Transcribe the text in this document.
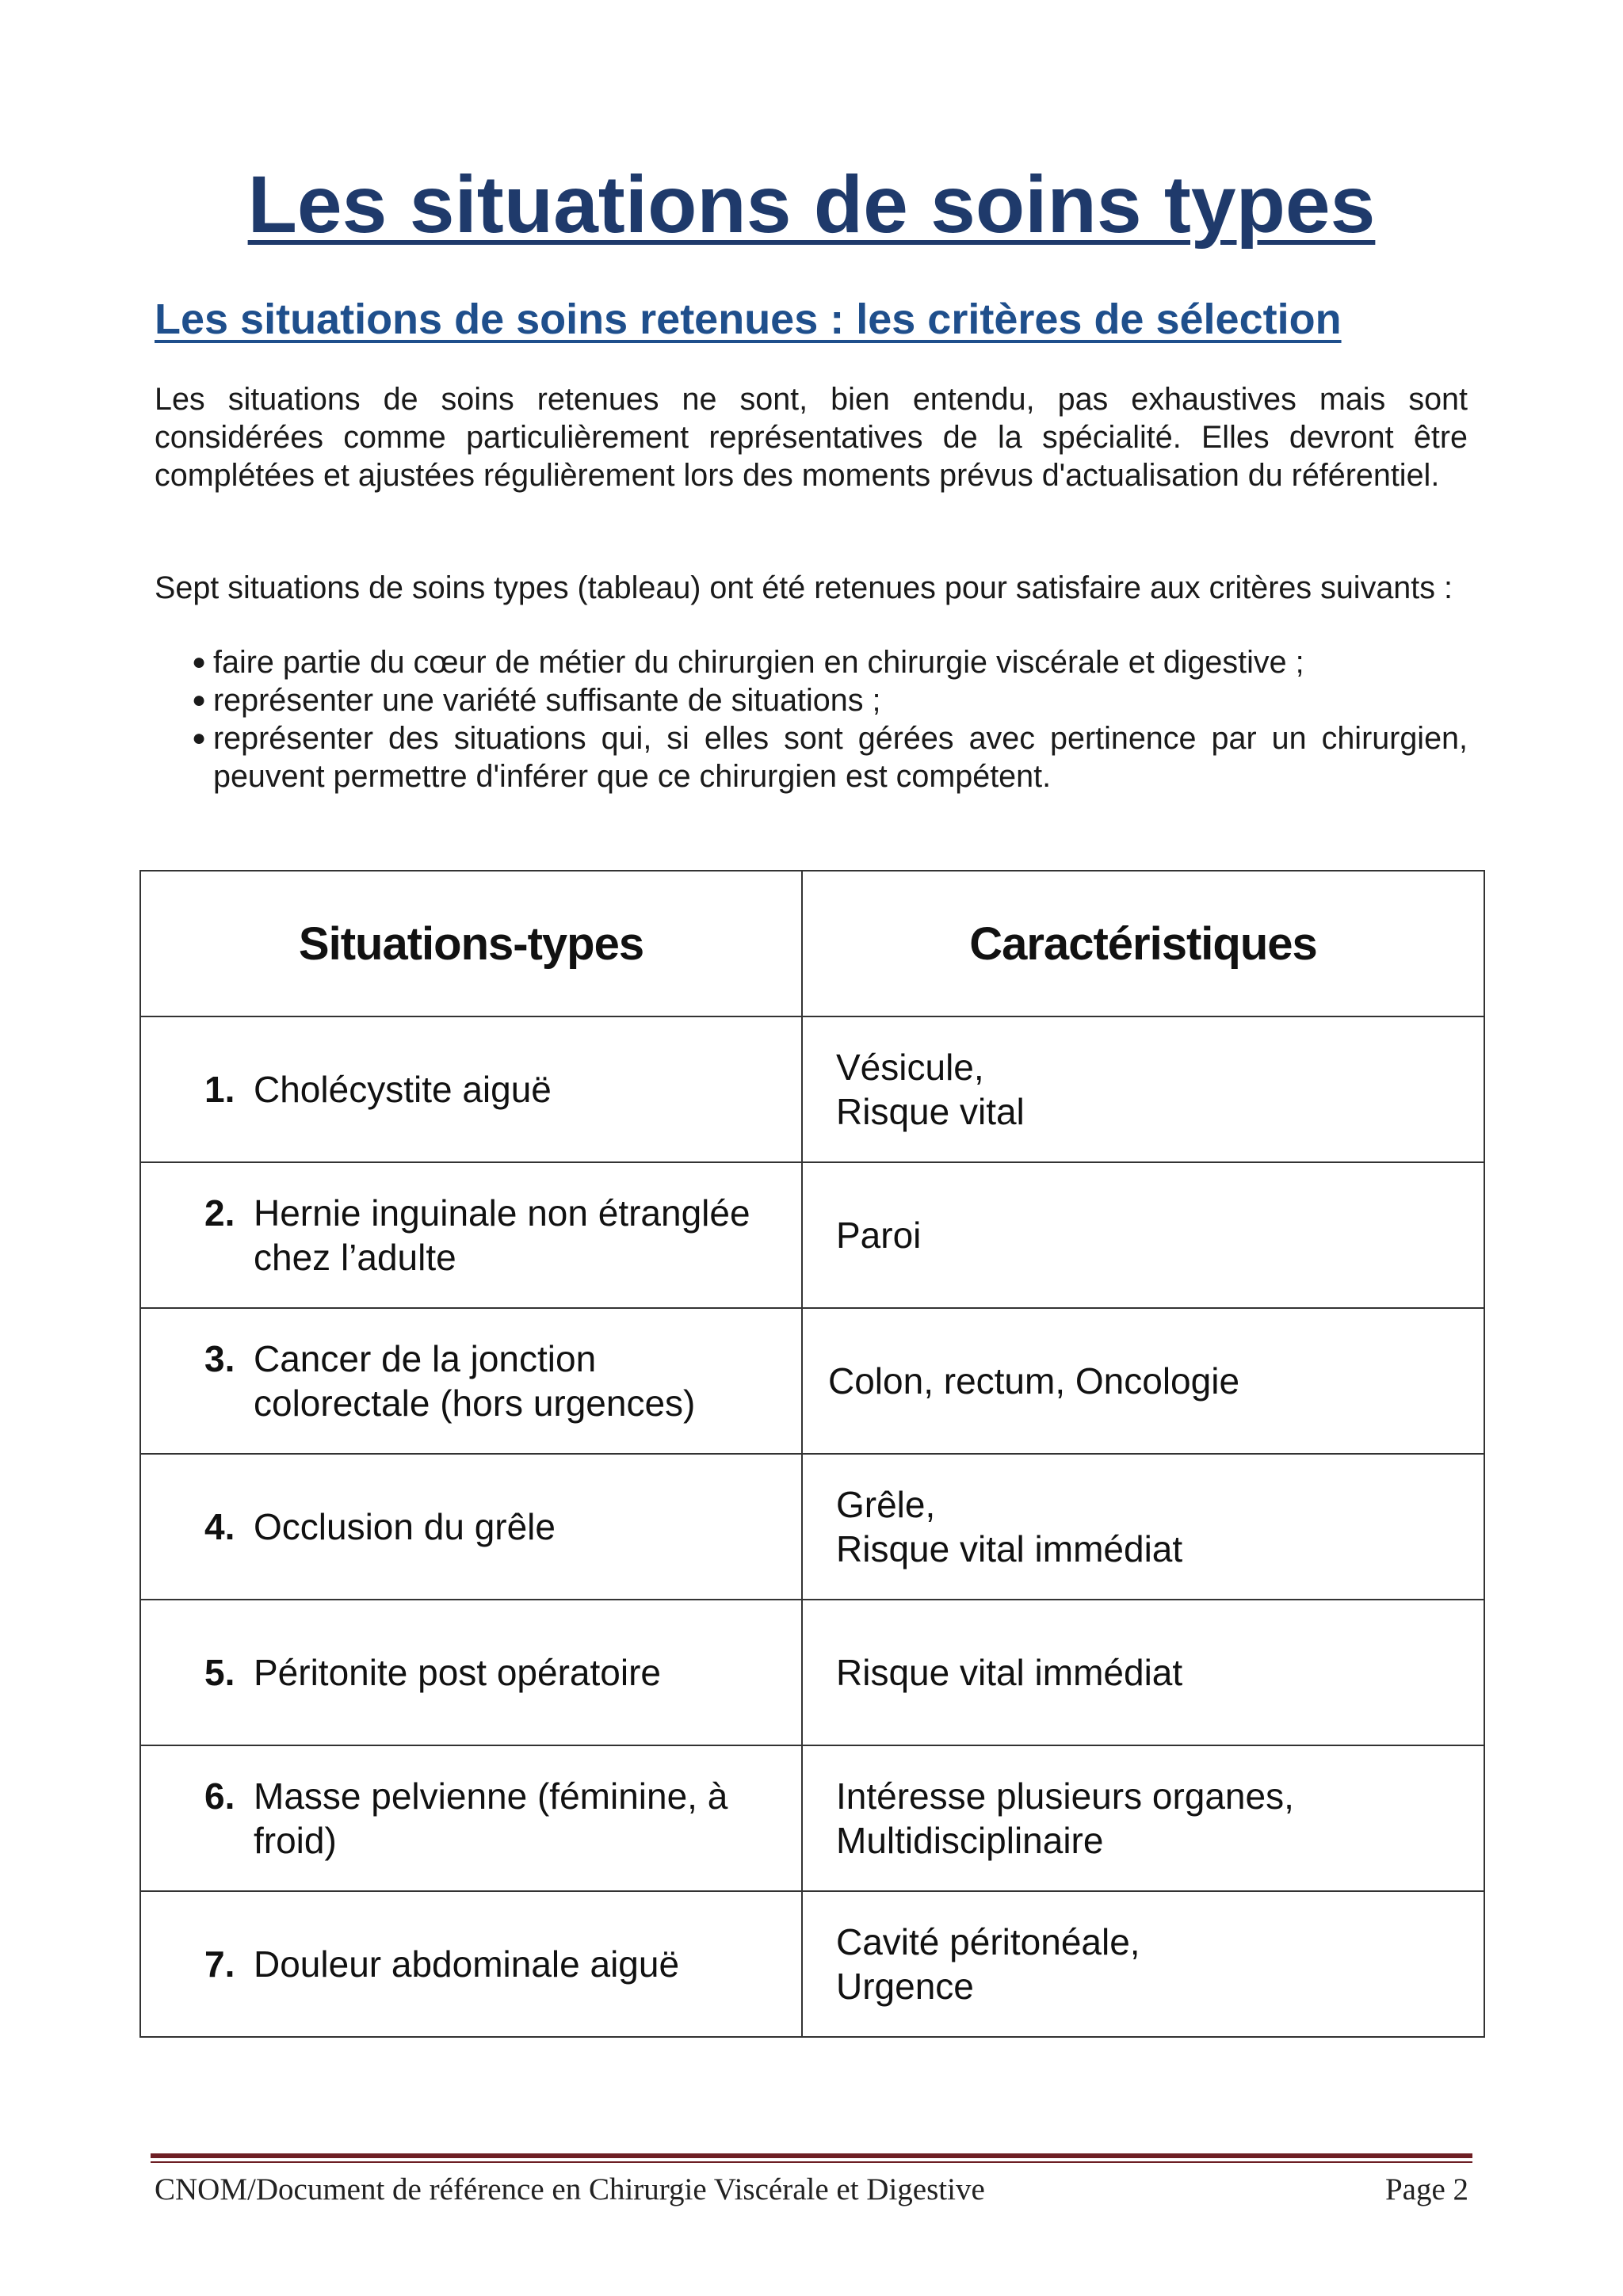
Les situations de soins types
Les situations de soins retenues : les critères de sélection

Les situations de soins retenues ne sont, bien entendu, pas exhaustives mais sont considérées comme particulièrement représentatives de la spécialité. Elles devront être complétées et ajustées régulièrement lors des moments prévus d'actualisation du référentiel.

Sept situations de soins types (tableau) ont été retenues pour satisfaire aux critères suivants :

● faire partie du cœur de métier du chirurgien en chirurgie viscérale et digestive ;
● représenter une variété suffisante de situations ;
● représenter des situations qui, si elles sont gérées avec pertinence par un chirurgien, peuvent permettre d'inférer que ce chirurgien est compétent.
Situations-types	Caractéristiques

1. Cholécystite aiguë	Vésicule,
Risque vital

2. Hernie inguinale non étranglée chez l’adulte	Paroi

3. Cancer de la jonction colorectale (hors urgences)	Colon, rectum, Oncologie

4. Occlusion du grêle	Grêle,
Risque vital immédiat

5. Péritonite post opératoire	Risque vital immédiat

6. Masse pelvienne (féminine, à froid)	Intéresse plusieurs organes,
Multidisciplinaire

7. Douleur abdominale aiguë	Cavité péritonéale,
Urgence
CNOM/Document de référence en Chirurgie Viscérale et Digestive	Page 2
